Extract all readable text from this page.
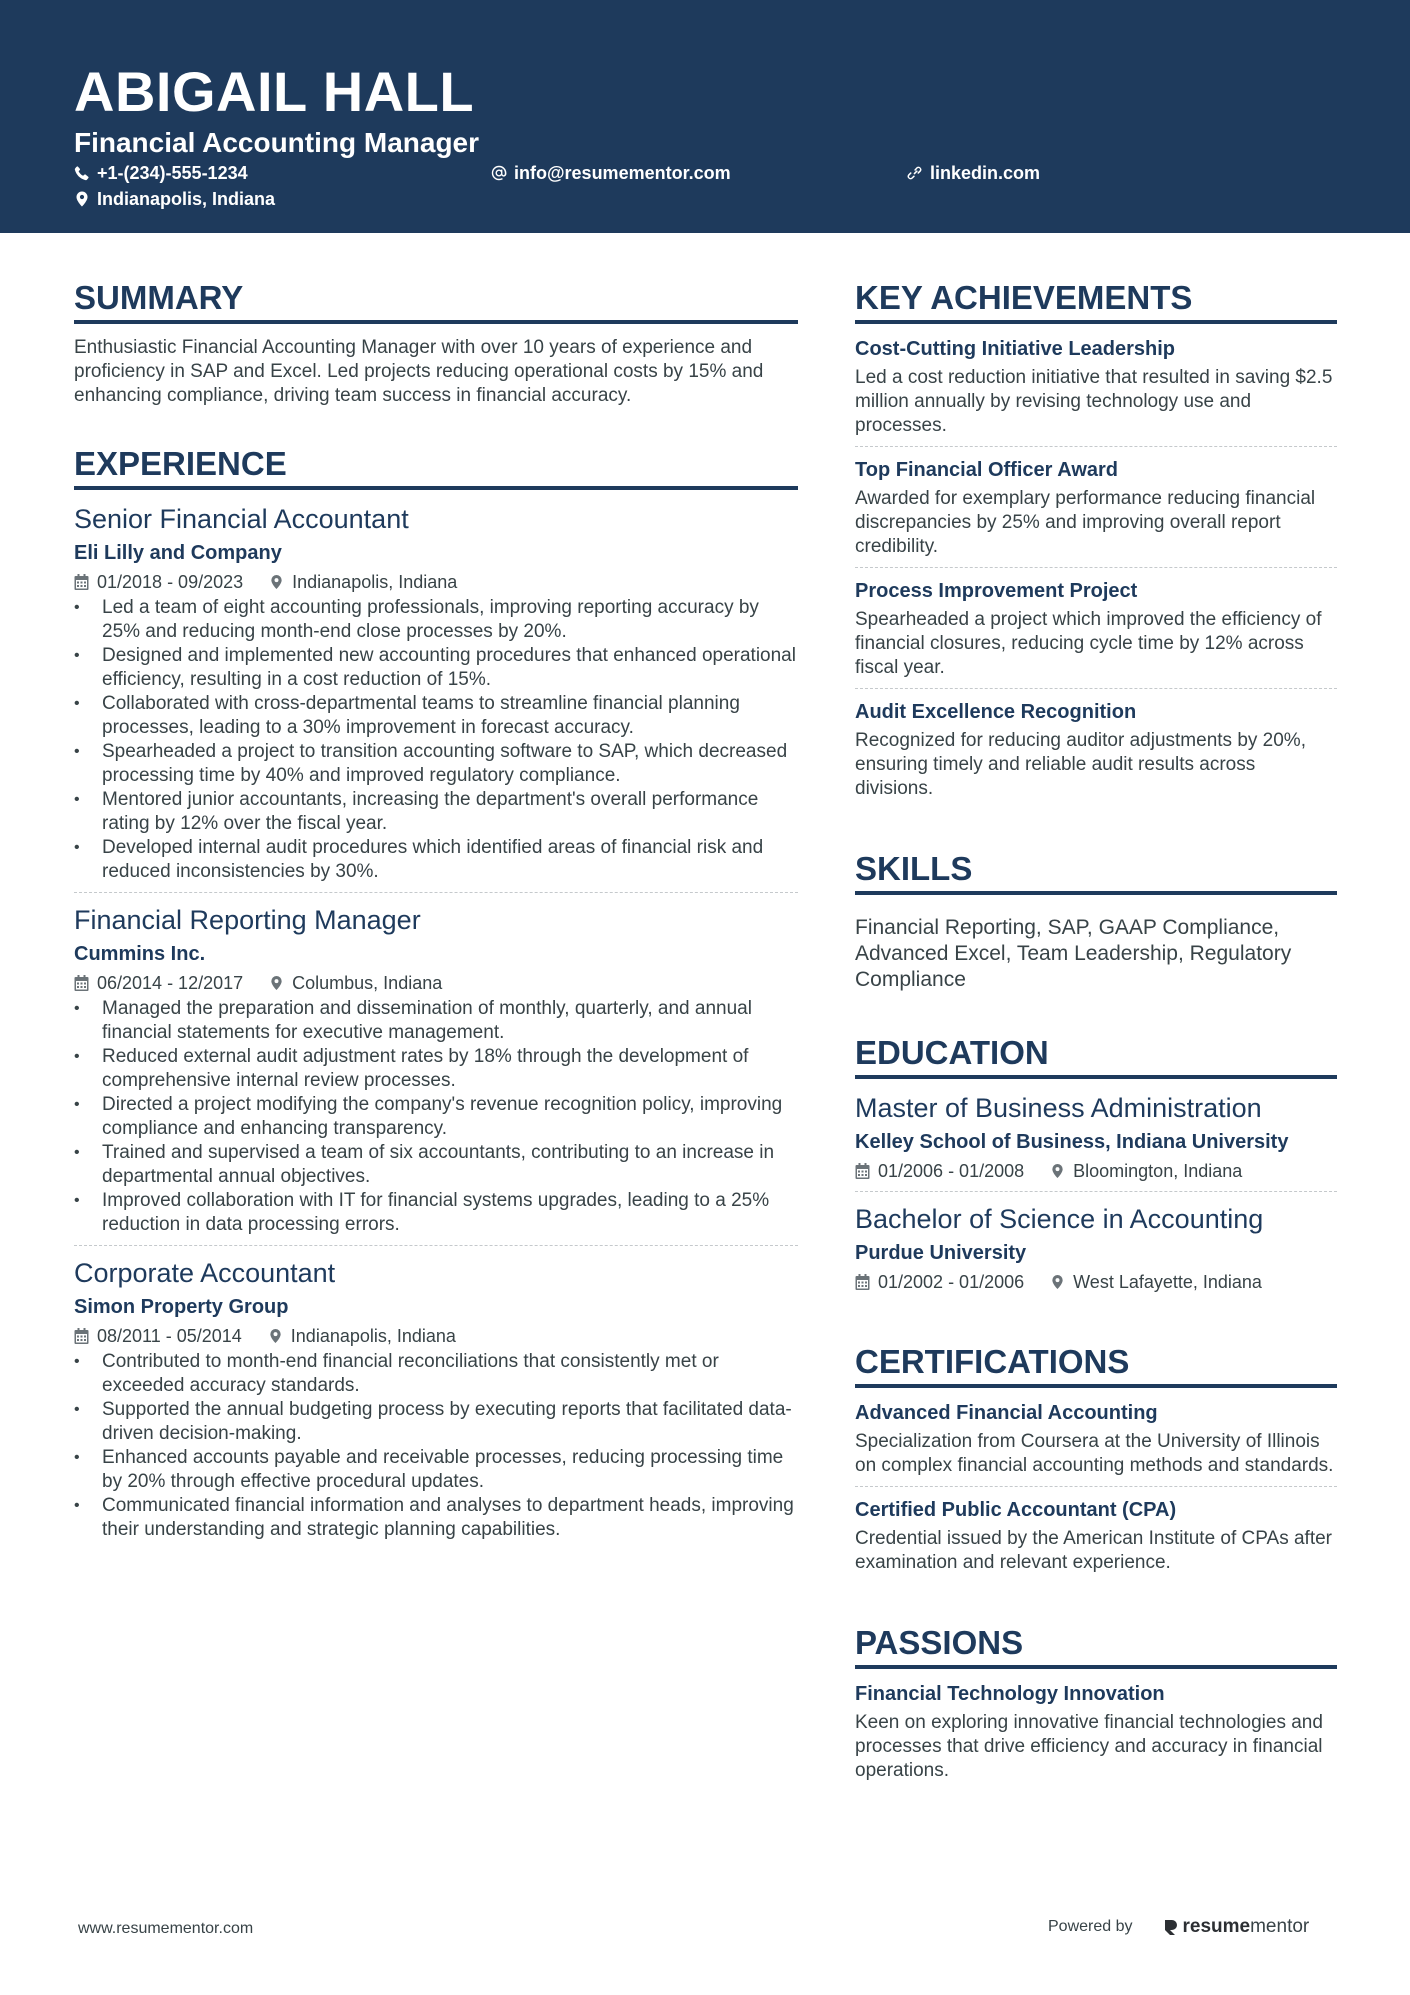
ABIGAIL HALL
Financial Accounting Manager
+1-(234)-555-1234	info@resumementor.com	linkedin.com
Indianapolis, Indiana
SUMMARY
Enthusiastic Financial Accounting Manager with over 10 years of experience and proficiency in SAP and Excel. Led projects reducing operational costs by 15% and enhancing compliance, driving team success in financial accuracy.
EXPERIENCE
Senior Financial Accountant
Eli Lilly and Company
01/2018 - 09/2023	Indianapolis, Indiana
• Led a team of eight accounting professionals, improving reporting accuracy by 25% and reducing month-end close processes by 20%.
• Designed and implemented new accounting procedures that enhanced operational efficiency, resulting in a cost reduction of 15%.
• Collaborated with cross-departmental teams to streamline financial planning processes, leading to a 30% improvement in forecast accuracy.
• Spearheaded a project to transition accounting software to SAP, which decreased processing time by 40% and improved regulatory compliance.
• Mentored junior accountants, increasing the department's overall performance rating by 12% over the fiscal year.
• Developed internal audit procedures which identified areas of financial risk and reduced inconsistencies by 30%.
Financial Reporting Manager
Cummins Inc.
06/2014 - 12/2017	Columbus, Indiana
• Managed the preparation and dissemination of monthly, quarterly, and annual financial statements for executive management.
• Reduced external audit adjustment rates by 18% through the development of comprehensive internal review processes.
• Directed a project modifying the company's revenue recognition policy, improving compliance and enhancing transparency.
• Trained and supervised a team of six accountants, contributing to an increase in departmental annual objectives.
• Improved collaboration with IT for financial systems upgrades, leading to a 25% reduction in data processing errors.
Corporate Accountant
Simon Property Group
08/2011 - 05/2014	Indianapolis, Indiana
• Contributed to month-end financial reconciliations that consistently met or exceeded accuracy standards.
• Supported the annual budgeting process by executing reports that facilitated data-driven decision-making.
• Enhanced accounts payable and receivable processes, reducing processing time by 20% through effective procedural updates.
• Communicated financial information and analyses to department heads, improving their understanding and strategic planning capabilities.
KEY ACHIEVEMENTS
Cost-Cutting Initiative Leadership
Led a cost reduction initiative that resulted in saving $2.5 million annually by revising technology use and processes.
Top Financial Officer Award
Awarded for exemplary performance reducing financial discrepancies by 25% and improving overall report credibility.
Process Improvement Project
Spearheaded a project which improved the efficiency of financial closures, reducing cycle time by 12% across fiscal year.
Audit Excellence Recognition
Recognized for reducing auditor adjustments by 20%, ensuring timely and reliable audit results across divisions.
SKILLS
Financial Reporting, SAP, GAAP Compliance, Advanced Excel, Team Leadership, Regulatory Compliance
EDUCATION
Master of Business Administration
Kelley School of Business, Indiana University
01/2006 - 01/2008	Bloomington, Indiana
Bachelor of Science in Accounting
Purdue University
01/2002 - 01/2006	West Lafayette, Indiana
CERTIFICATIONS
Advanced Financial Accounting
Specialization from Coursera at the University of Illinois on complex financial accounting methods and standards.
Certified Public Accountant (CPA)
Credential issued by the American Institute of CPAs after examination and relevant experience.
PASSIONS
Financial Technology Innovation
Keen on exploring innovative financial technologies and processes that drive efficiency and accuracy in financial operations.
www.resumementor.com	Powered by	resumementor
